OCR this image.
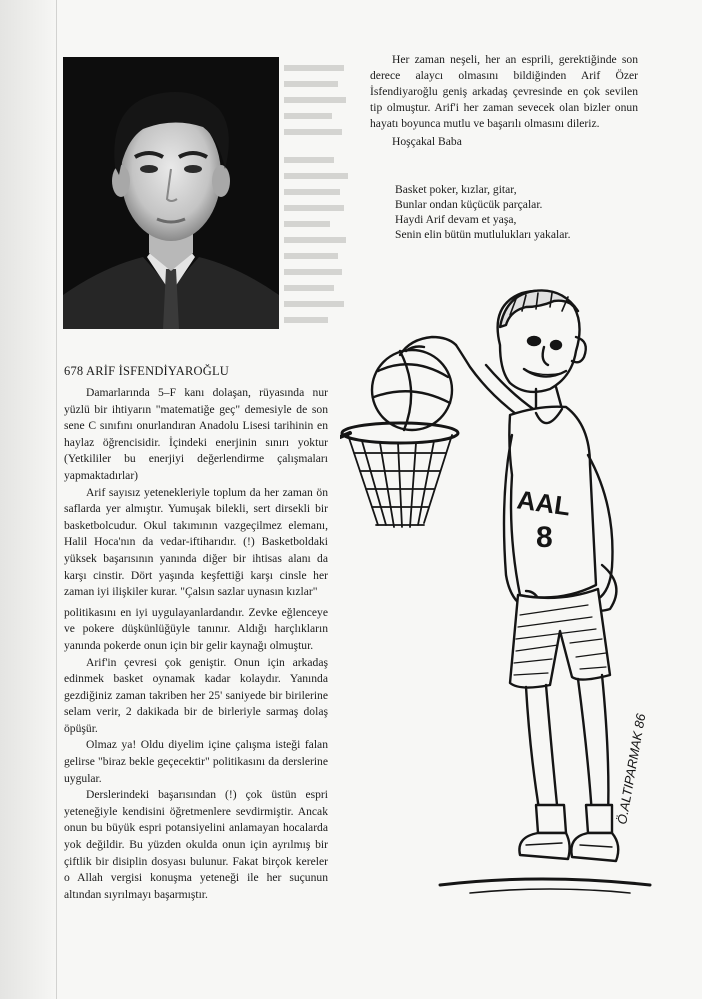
Her zaman neşeli, her an esprili, gerektiğinde son derece alaycı olmasını bildiğinden Arif Özer İsfendiyaroğlu geniş arkadaş çevresinde en çok sevilen tip olmuştur. Arif'i her zaman sevecek olan bizler onun hayatı boyunca mutlu ve başarılı olmasını dileriz.

Hoşçakal Baba
Basket poker, kızlar, gitar,
Bunlar ondan küçücük parçalar.
Haydi Arif devam et yaşa,
Senin elin bütün mutlulukları yakalar.
678 ARİF İSFENDİYAROĞLU

Damarlarında 5–F kanı dolaşan, rüyasında nur yüzlü bir ihtiyarın "matematiğe geç" demesiyle de son sene C sınıfını onurlandıran Anadolu Lisesi tarihinin en haylaz öğrencisidir. İçindeki enerjinin sınırı yoktur (Yetkililer bu enerjiyi değerlendirme çalışmaları yapmaktadırlar)

Arif sayısız yetenekleriyle toplum da her zaman ön saflarda yer almıştır. Yumuşak bilekli, sert dirsekli bir basketbolcudur. Okul takımının vazgeçilmez elemanı, Halil Hoca'nın da vedar-iftiharıdır. (!) Basketboldaki yüksek başarısının yanında diğer bir ihtisas alanı da karşı cinstir. Dört yaşında keşfettiği karşı cinsle her zaman iyi ilişkiler kurar. "Çalsın sazlar uynasın kızlar"

politikasını en iyi uygulayanlardandır. Zevke eğlenceye ve pokere düşkünlüğüyle tanınır. Aldığı harçlıkların yanında pokerde onun için bir gelir kaynağı olmuştur.

Arif'in çevresi çok geniştir. Onun için arkadaş edinmek basket oynamak kadar kolaydır. Yanında gezdiğiniz zaman takriben her 25' saniyede bir birilerine selam verir, 2 dakikada bir de birleriyle sarmaş dolaş öpüşür.

Olmaz ya! Oldu diyelim içine çalışma isteği falan gelirse "biraz bekle geçecektir" politikasını da derslerine uygular.

Derslerindeki başarısından (!) çok üstün espri yeteneğiyle kendisini öğretmenlere sevdirmiştir. Ancak onun bu büyük espri potansiyelini anlamayan hocalarda yok değildir. Bu yüzden okulda onun için ayrılmış bir çiftlik bir disiplin dosyası bulunur. Fakat birçok kereler o Allah vergisi konuşma yeteneği ile her suçunun altından sıyrılmayı başarmıştır.

AAL
8
Ö.ALTIPARMAK 86
